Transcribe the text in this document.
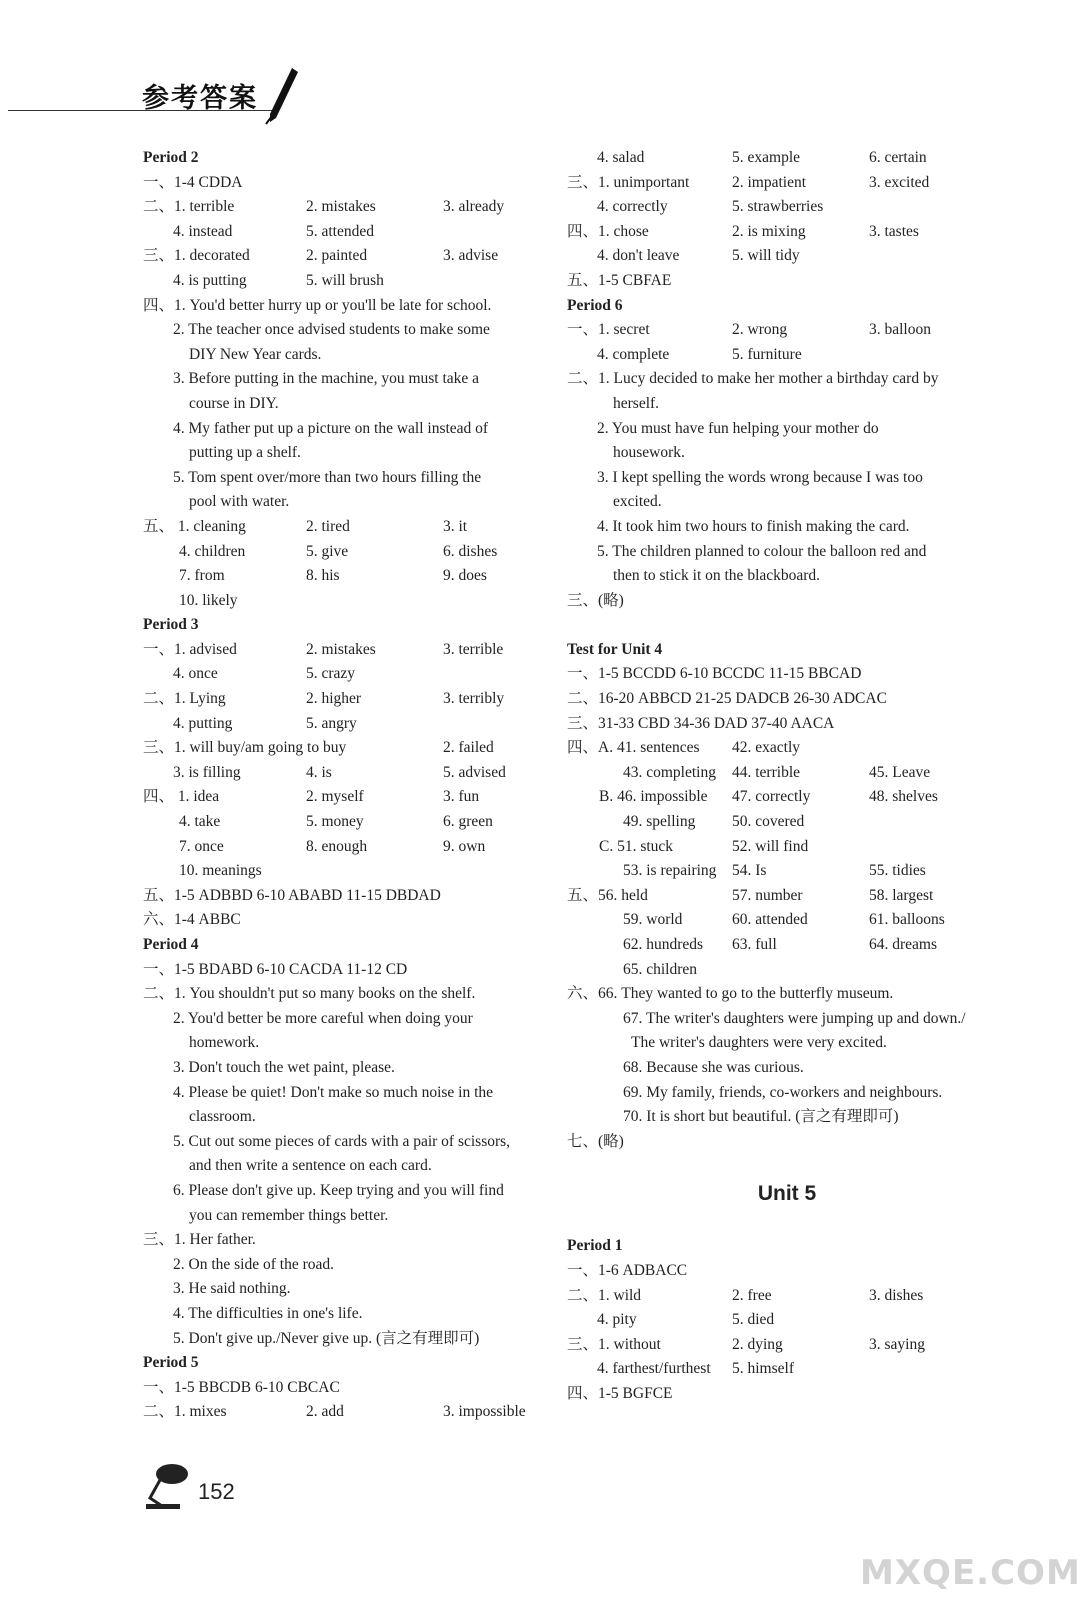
参考答案
Period 2
一、1-4 CDDA
二、1. terrible	2. mistakes	3. already
4. instead	5. attended
三、1. decorated	2. painted	3. advise
4. is putting	5. will brush
四、1. You'd better hurry up or you'll be late for school.
2. The teacher once advised students to make some
DIY New Year cards.
3. Before putting in the machine, you must take a
course in DIY.
4. My father put up a picture on the wall instead of
putting up a shelf.
5. Tom spent over/more than two hours filling the
pool with water.
五、 1. cleaning	2. tired	3. it
4. children	5. give	6. dishes
7. from	8. his	9. does
10. likely
Period 3
一、1. advised	2. mistakes	3. terrible
4. once	5. crazy
二、1. Lying	2. higher	3. terribly
4. putting	5. angry
三、1. will buy/am going to buy	2. failed
3. is filling	4. is	5. advised
四、 1. idea	2. myself	3. fun
4. take	5. money	6. green
7. once	8. enough	9. own
10. meanings
五、1-5 ADBBD 6-10 ABABD 11-15 DBDAD
六、1-4 ABBC
Period 4
一、1-5 BDABD 6-10 CACDA 11-12 CD
二、1. You shouldn't put so many books on the shelf.
2. You'd better be more careful when doing your
homework.
3. Don't touch the wet paint, please.
4. Please be quiet! Don't make so much noise in the
classroom.
5. Cut out some pieces of cards with a pair of scissors,
and then write a sentence on each card.
6. Please don't give up. Keep trying and you will find
you can remember things better.
三、1. Her father.
2. On the side of the road.
3. He said nothing.
4. The difficulties in one's life.
5. Don't give up./Never give up. (言之有理即可)
Period 5
一、1-5 BBCDB 6-10 CBCAC
二、1. mixes	2. add	3. impossible
4. salad	5. example	6. certain
三、1. unimportant	2. impatient	3. excited
4. correctly	5. strawberries
四、1. chose	2. is mixing	3. tastes
4. don't leave	5. will tidy
五、1-5 CBFAE
Period 6
一、1. secret	2. wrong	3. balloon
4. complete	5. furniture
二、1. Lucy decided to make her mother a birthday card by
herself.
2. You must have fun helping your mother do
housework.
3. I kept spelling the words wrong because I was too
excited.
4. It took him two hours to finish making the card.
5. The children planned to colour the balloon red and
then to stick it on the blackboard.
三、(略)
Test for Unit 4
一、1-5 BCCDD 6-10 BCCDC 11-15 BBCAD
二、16-20 ABBCD 21-25 DADCB 26-30 ADCAC
三、31-33 CBD 34-36 DAD 37-40 AACA
四、A. 41. sentences 42. exactly
43. completing 44. terrible	45. Leave
B. 46. impossible 47. correctly	48. shelves
49. spelling 50. covered
C. 51. stuck	52. will find
53. is repairing 54. Is	55. tidies
五、56. held	57. number	58. largest
59. world	60. attended	61. balloons
62. hundreds 63. full	64. dreams
65. children
六、66. They wanted to go to the butterfly museum.
67. The writer's daughters were jumping up and down./
The writer's daughters were very excited.
68. Because she was curious.
69. My family, friends, co-workers and neighbours.
70. It is short but beautiful. (言之有理即可)
七、(略)
Unit 5
Period 1
一、1-6 ADBACC
二、1. wild	2. free	3. dishes
4. pity	5. died
三、1. without	2. dying	3. saying
4. farthest/furthest 5. himself
四、1-5 BGFCE
152
MXQE.COM
